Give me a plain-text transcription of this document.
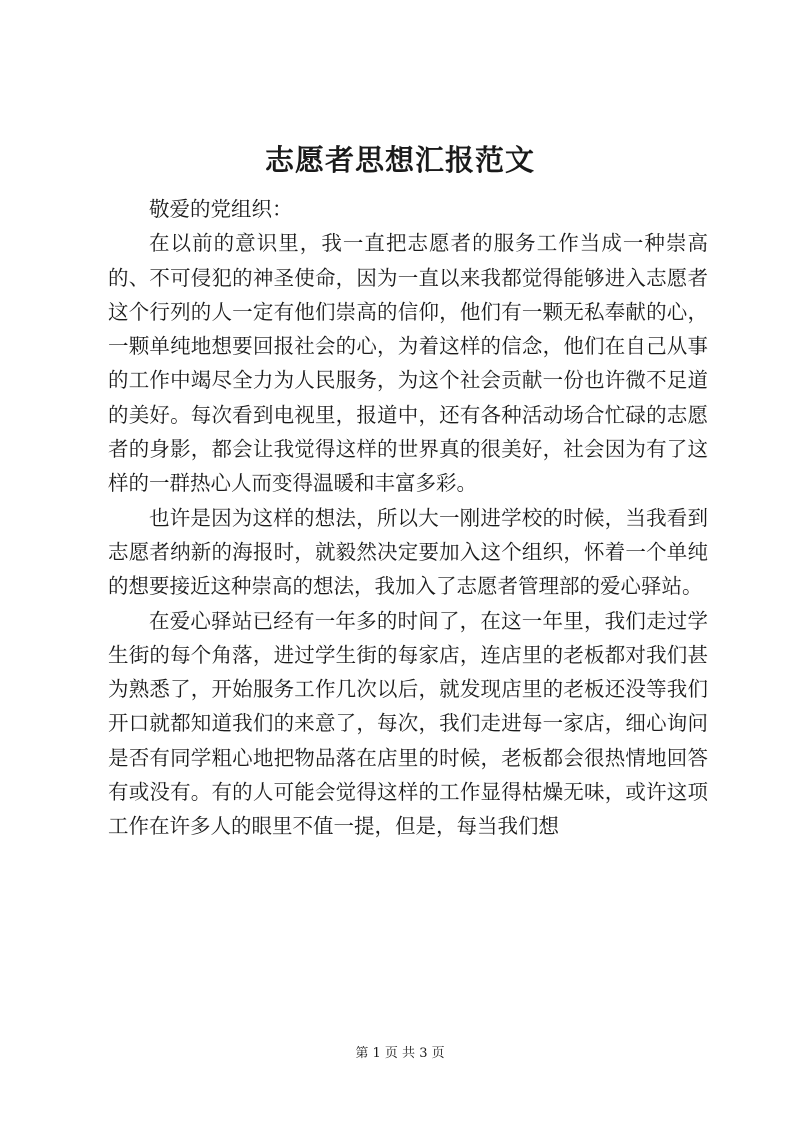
志愿者思想汇报范文

敬爱的党组织：

在以前的意识里，我一直把志愿者的服务工作当成一种崇高的、不可侵犯的神圣使命，因为一直以来我都觉得能够进入志愿者这个行列的人一定有他们崇高的信仰，他们有一颗无私奉献的心，一颗单纯地想要回报社会的心，为着这样的信念，他们在自己从事的工作中竭尽全力为人民服务，为这个社会贡献一份也许微不足道的美好。每次看到电视里，报道中，还有各种活动场合忙碌的志愿者的身影，都会让我觉得这样的世界真的很美好，社会因为有了这样的一群热心人而变得温暖和丰富多彩。

也许是因为这样的想法，所以大一刚进学校的时候，当我看到志愿者纳新的海报时，就毅然决定要加入这个组织，怀着一个单纯的想要接近这种崇高的想法，我加入了志愿者管理部的爱心驿站。

在爱心驿站已经有一年多的时间了，在这一年里，我们走过学生街的每个角落，进过学生街的每家店，连店里的老板都对我们甚为熟悉了，开始服务工作几次以后，就发现店里的老板还没等我们开口就都知道我们的来意了，每次，我们走进每一家店，细心询问是否有同学粗心地把物品落在店里的时候，老板都会很热情地回答有或没有。有的人可能会觉得这样的工作显得枯燥无味，或许这项工作在许多人的眼里不值一提，但是，每当我们想

第 1 页 共 3 页
